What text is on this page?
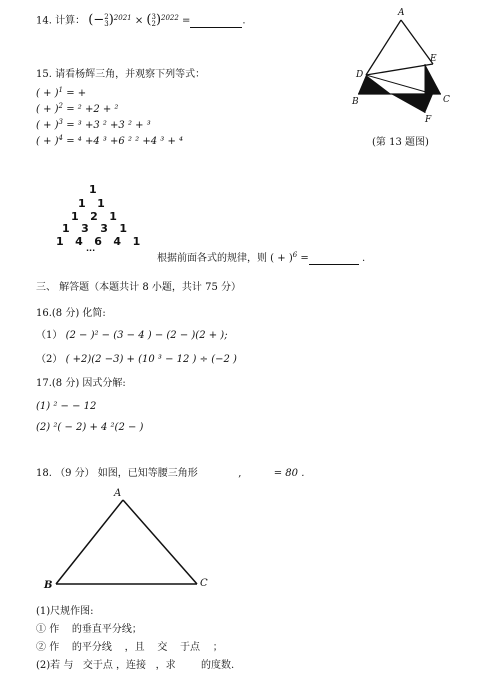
14. 计算： (−2
3)$^{2021}$ × (3
2)$^{2022}$ =	.
A
D
E
B	C
F
(第 13 题图)
15. 请看杨辉三角，并观察下列等式：
( + )$^1$ = +
( + )$^2$ = ² +2 + ²
( + )$^3$ = ³ +3 ² +3 ² + ³
( + )$^4$ = ⁴ +4 ³ +6 ² ² +4 ³ + ⁴
1
1   1
1   2   1
1   3   3   1
1   4   6   4   1
···
根据前面各式的规律，则 ( + )$^6$ =	.
三、 解答题（本题共计 8 小题，共计 75 分）
16.(8 分) 化简:
（1） (2 − )² − (3 − 4 ) − (2 − )(2 + );
（2） ( +2)(2 −3) + (10 ³ − 12 ) ÷ (−2 )
17.(8 分) 因式分解:
(1) ² − − 12
(2) ²( − 2) + 4 ²(2 − )
18. （9 分） 如图，已知等腰三角形	,	= 80 .
A
B	C
(1)尺规作图:
① 作    的垂直平分线；
② 作    的平分线    ，且    交    于点    ；
(2)若 与   交于点 ，连接   ，求        的度数.
